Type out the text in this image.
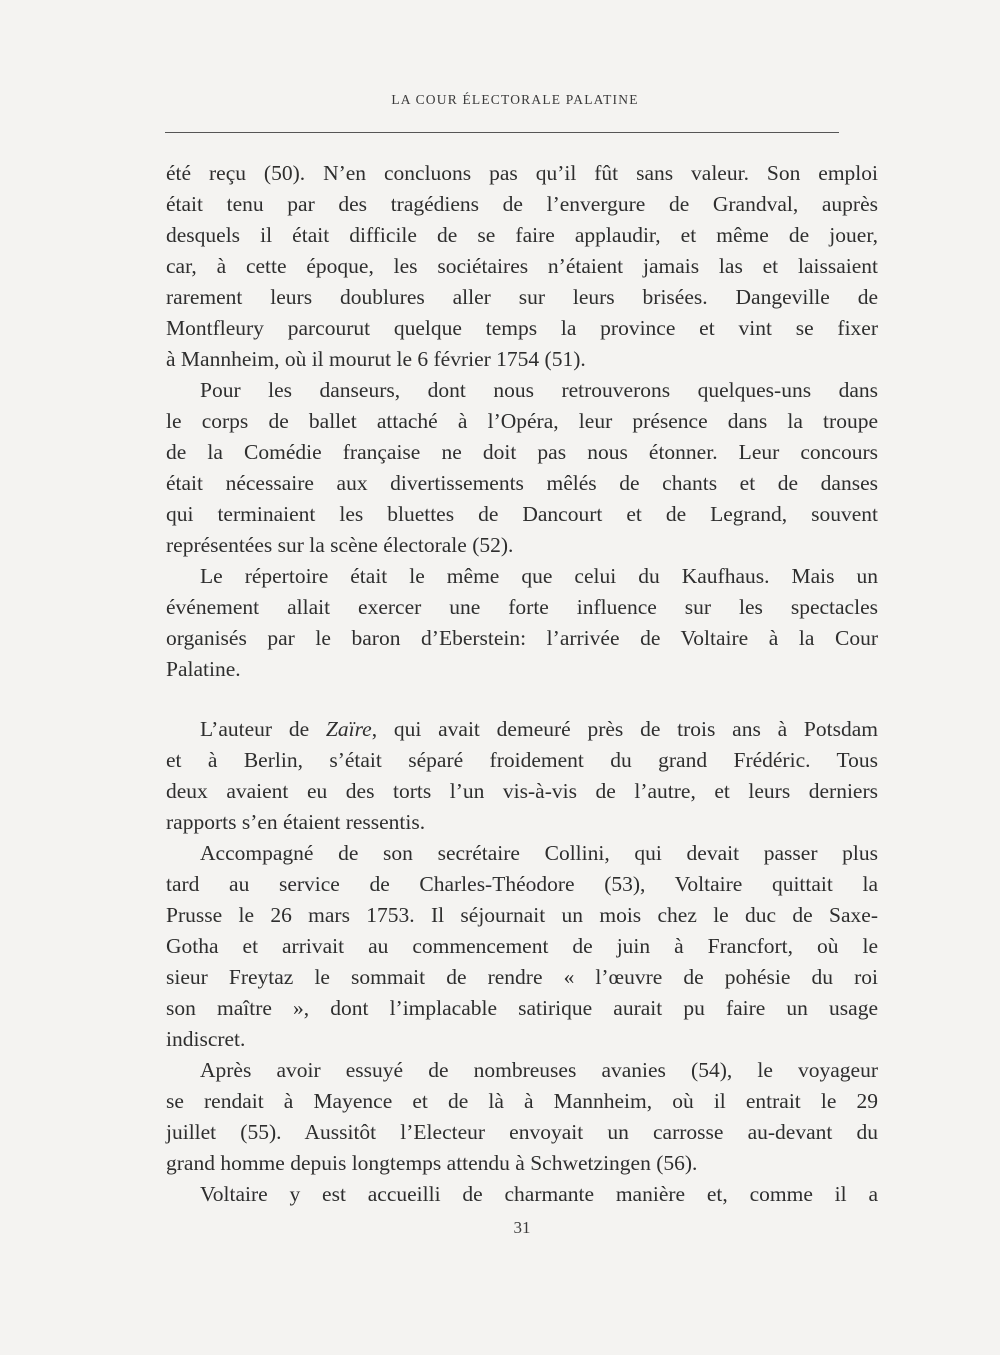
LA COUR ÉLECTORALE PALATINE
été reçu (50). N’en concluons pas qu’il fût sans valeur. Son emploi
était tenu par des tragédiens de l’envergure de Grandval, auprès
desquels il était difficile de se faire applaudir, et même de jouer,
car, à cette époque, les sociétaires n’étaient jamais las et laissaient
rarement leurs doublures aller sur leurs brisées. Dangeville de
Montfleury parcourut quelque temps la province et vint se fixer
à Mannheim, où il mourut le 6 février 1754 (51).
Pour les danseurs, dont nous retrouverons quelques-uns dans
le corps de ballet attaché à l’Opéra, leur présence dans la troupe
de la Comédie française ne doit pas nous étonner. Leur concours
était nécessaire aux divertissements mêlés de chants et de danses
qui terminaient les bluettes de Dancourt et de Legrand, souvent
représentées sur la scène électorale (52).
Le répertoire était le même que celui du Kaufhaus. Mais un
événement allait exercer une forte influence sur les spectacles
organisés par le baron d’Eberstein: l’arrivée de Voltaire à la Cour
Palatine.
L’auteur de Zaïre, qui avait demeuré près de trois ans à Potsdam
et à Berlin, s’était séparé froidement du grand Frédéric. Tous
deux avaient eu des torts l’un vis-à-vis de l’autre, et leurs derniers
rapports s’en étaient ressentis.
Accompagné de son secrétaire Collini, qui devait passer plus
tard au service de Charles-Théodore (53), Voltaire quittait la
Prusse le 26 mars 1753. Il séjournait un mois chez le duc de Saxe-
Gotha et arrivait au commencement de juin à Francfort, où le
sieur Freytaz le sommait de rendre « l’œuvre de pohésie du roi
son maître », dont l’implacable satirique aurait pu faire un usage
indiscret.
Après avoir essuyé de nombreuses avanies (54), le voyageur
se rendait à Mayence et de là à Mannheim, où il entrait le 29
juillet (55). Aussitôt l’Electeur envoyait un carrosse au-devant du
grand homme depuis longtemps attendu à Schwetzingen (56).
Voltaire y est accueilli de charmante manière et, comme il a
31
